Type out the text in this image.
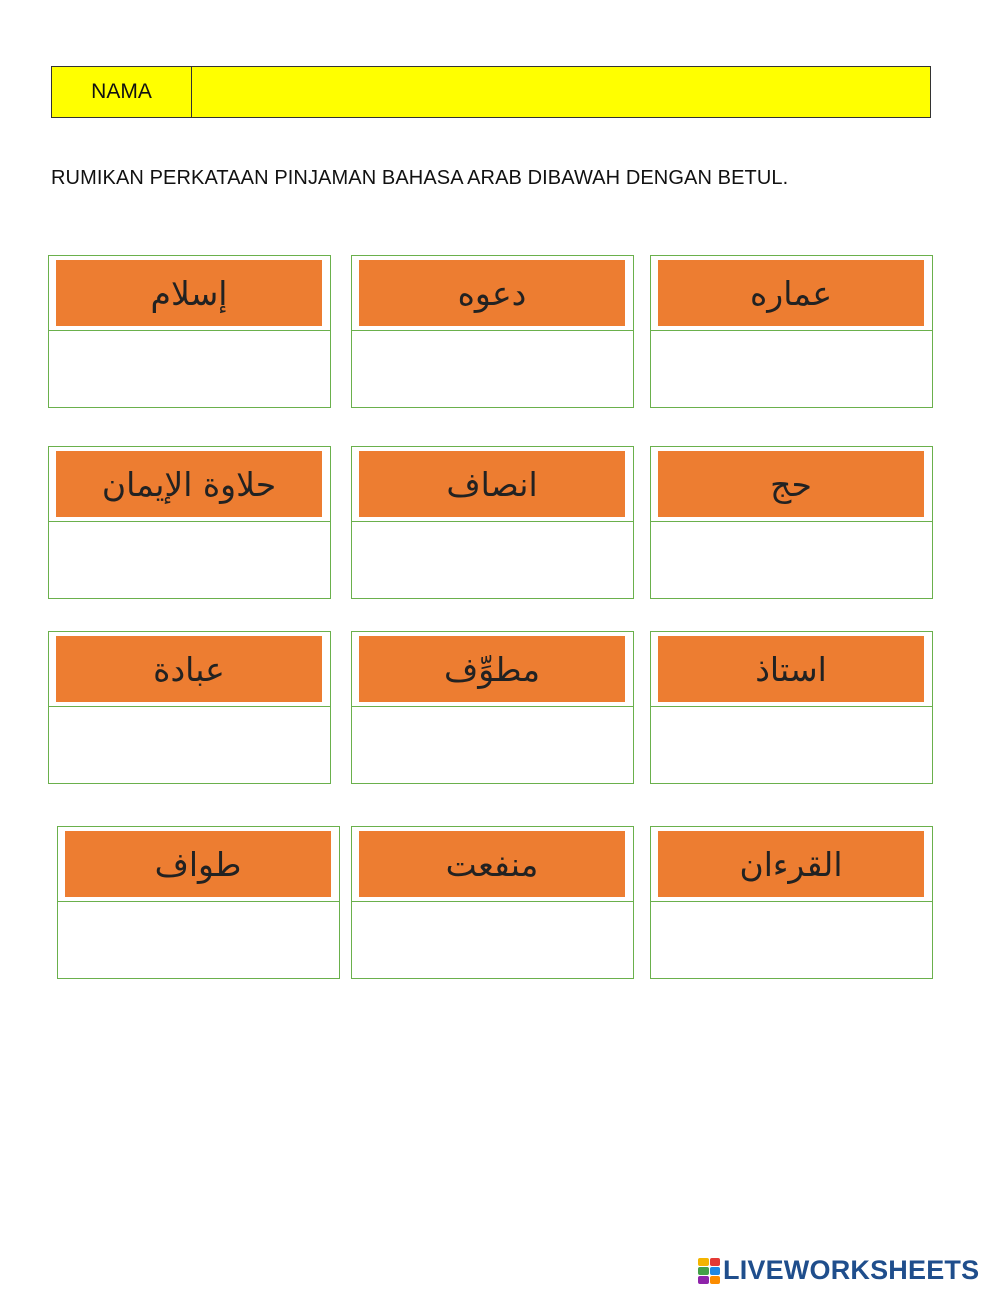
NAMA
RUMIKAN PERKATAAN PINJAMAN BAHASA ARAB DIBAWAH DENGAN BETUL.
إسلام	دعوه	عماره
حلاوة الإيمان	انصاف	حج
عبادة	مطوِّف	استاذ
طواف	منفعت	القرءان
LIVEWORKSHEETS
